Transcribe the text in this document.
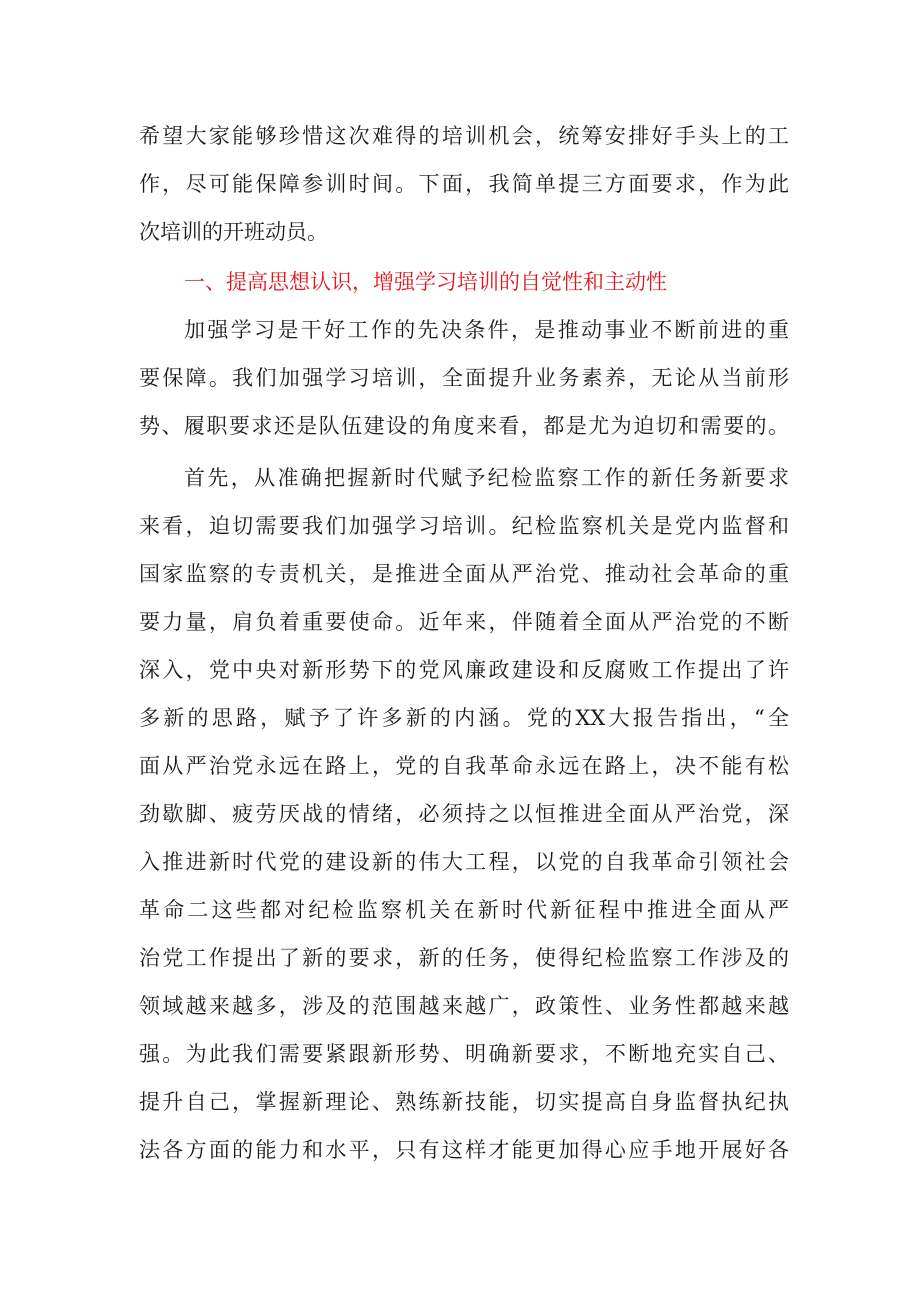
希望大家能够珍惜这次难得的培训机会，统筹安排好手头上的工
作，尽可能保障参训时间。下面，我简单提三方面要求，作为此
次培训的开班动员。
一、提高思想认识，增强学习培训的自觉性和主动性
加强学习是干好工作的先决条件，是推动事业不断前进的重
要保障。我们加强学习培训，全面提升业务素养，无论从当前形
势、履职要求还是队伍建设的角度来看，都是尤为迫切和需要的。
首先，从准确把握新时代赋予纪检监察工作的新任务新要求
来看，迫切需要我们加强学习培训。纪检监察机关是党内监督和
国家监察的专责机关，是推进全面从严治党、推动社会革命的重
要力量，肩负着重要使命。近年来，伴随着全面从严治党的不断
深入，党中央对新形势下的党风廉政建设和反腐败工作提出了许
多新的思路，赋予了许多新的内涵。党的XX大报告指出，“全
面从严治党永远在路上，党的自我革命永远在路上，决不能有松
劲歇脚、疲劳厌战的情绪，必须持之以恒推进全面从严治党，深
入推进新时代党的建设新的伟大工程，以党的自我革命引领社会
革命二这些都对纪检监察机关在新时代新征程中推进全面从严
治党工作提出了新的要求，新的任务，使得纪检监察工作涉及的
领域越来越多，涉及的范围越来越广，政策性、业务性都越来越
强。为此我们需要紧跟新形势、明确新要求，不断地充实自己、
提升自己，掌握新理论、熟练新技能，切实提高自身监督执纪执
法各方面的能力和水平，只有这样才能更加得心应手地开展好各
